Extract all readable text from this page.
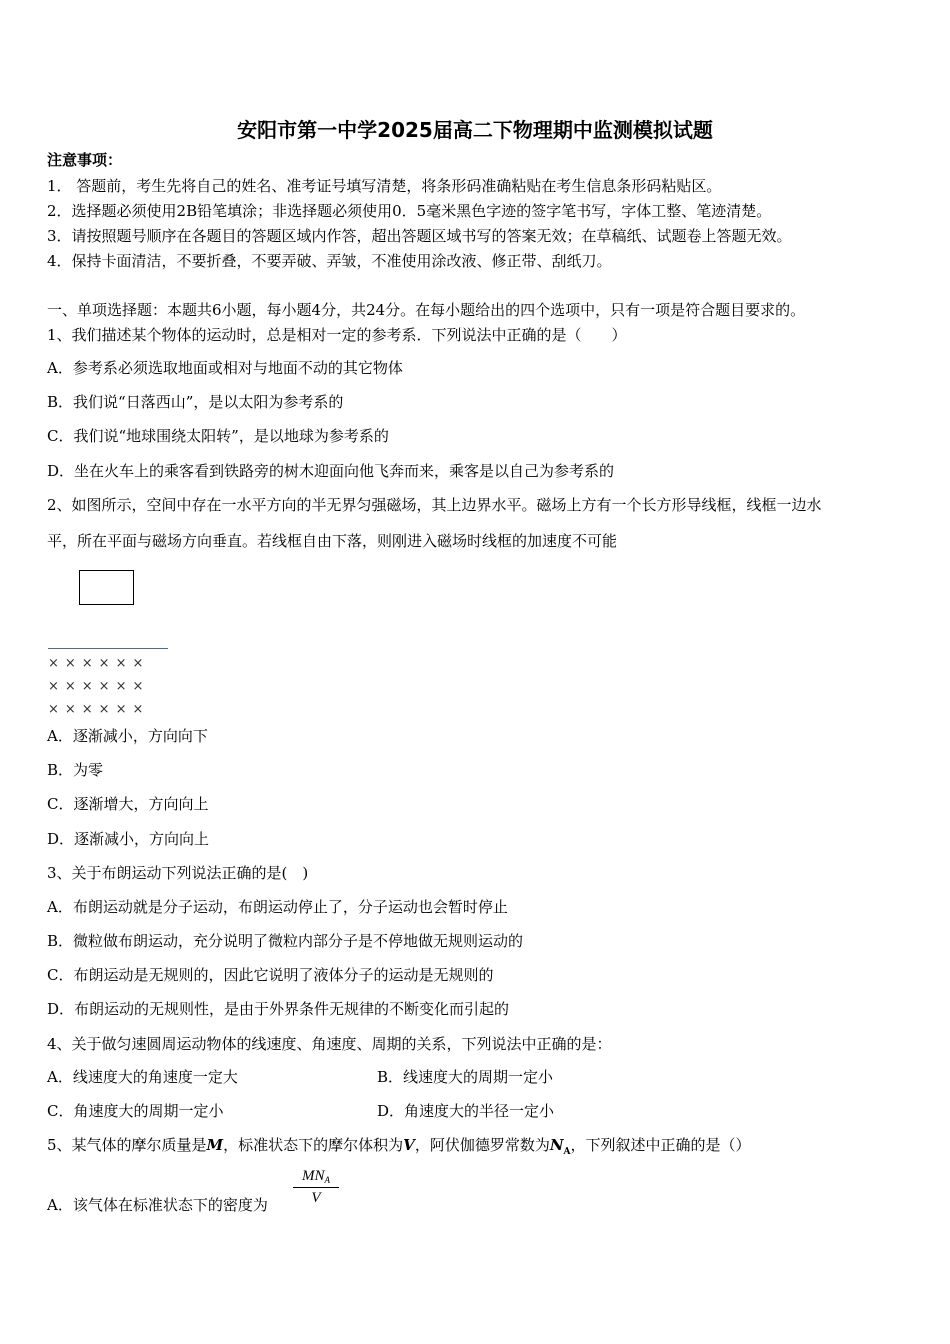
安阳市第一中学2025届高二下物理期中监测模拟试题
注意事项：
1． 答题前，考生先将自己的姓名、准考证号填写清楚，将条形码准确粘贴在考生信息条形码粘贴区。
2．选择题必须使用2B铅笔填涂；非选择题必须使用0．5毫米黑色字迹的签字笔书写，字体工整、笔迹清楚。
3．请按照题号顺序在各题目的答题区域内作答，超出答题区域书写的答案无效；在草稿纸、试题卷上答题无效。
4．保持卡面清洁，不要折叠，不要弄破、弄皱，不准使用涂改液、修正带、刮纸刀。
一、单项选择题：本题共6小题，每小题4分，共24分。在每小题给出的四个选项中，只有一项是符合题目要求的。
1、我们描述某个物体的运动时，总是相对一定的参考系．下列说法中正确的是（　　）
A．参考系必须选取地面或相对与地面不动的其它物体
B．我们说“日落西山”，是以太阳为参考系的
C．我们说“地球围绕太阳转”，是以地球为参考系的
D．坐在火车上的乘客看到铁路旁的树木迎面向他飞奔而来，乘客是以自己为参考系的
2、如图所示，空间中存在一水平方向的半无界匀强磁场，其上边界水平。磁场上方有一个长方形导线框，线框一边水
平，所在平面与磁场方向垂直。若线框自由下落，则刚进入磁场时线框的加速度不可能
××××××
××××××
××××××
A．逐渐减小，方向向下
B．为零
C．逐渐增大，方向向上
D．逐渐减小，方向向上
3、关于布朗运动下列说法正确的是(　)
A．布朗运动就是分子运动，布朗运动停止了，分子运动也会暂时停止
B．微粒做布朗运动，充分说明了微粒内部分子是不停地做无规则运动的
C．布朗运动是无规则的，因此它说明了液体分子的运动是无规则的
D．布朗运动的无规则性，是由于外界条件无规律的不断变化而引起的
4、关于做匀速圆周运动物体的线速度、角速度、周期的关系，下列说法中正确的是：
A．线速度大的角速度一定大	B．线速度大的周期一定小
C．角速度大的周期一定小	D．角速度大的半径一定小
5、某气体的摩尔质量是M，标准状态下的摩尔体积为V，阿伏伽德罗常数为$N_A$，下列叙述中正确的是（）
A．该气体在标准状态下的密度为
$MN_A$
V
